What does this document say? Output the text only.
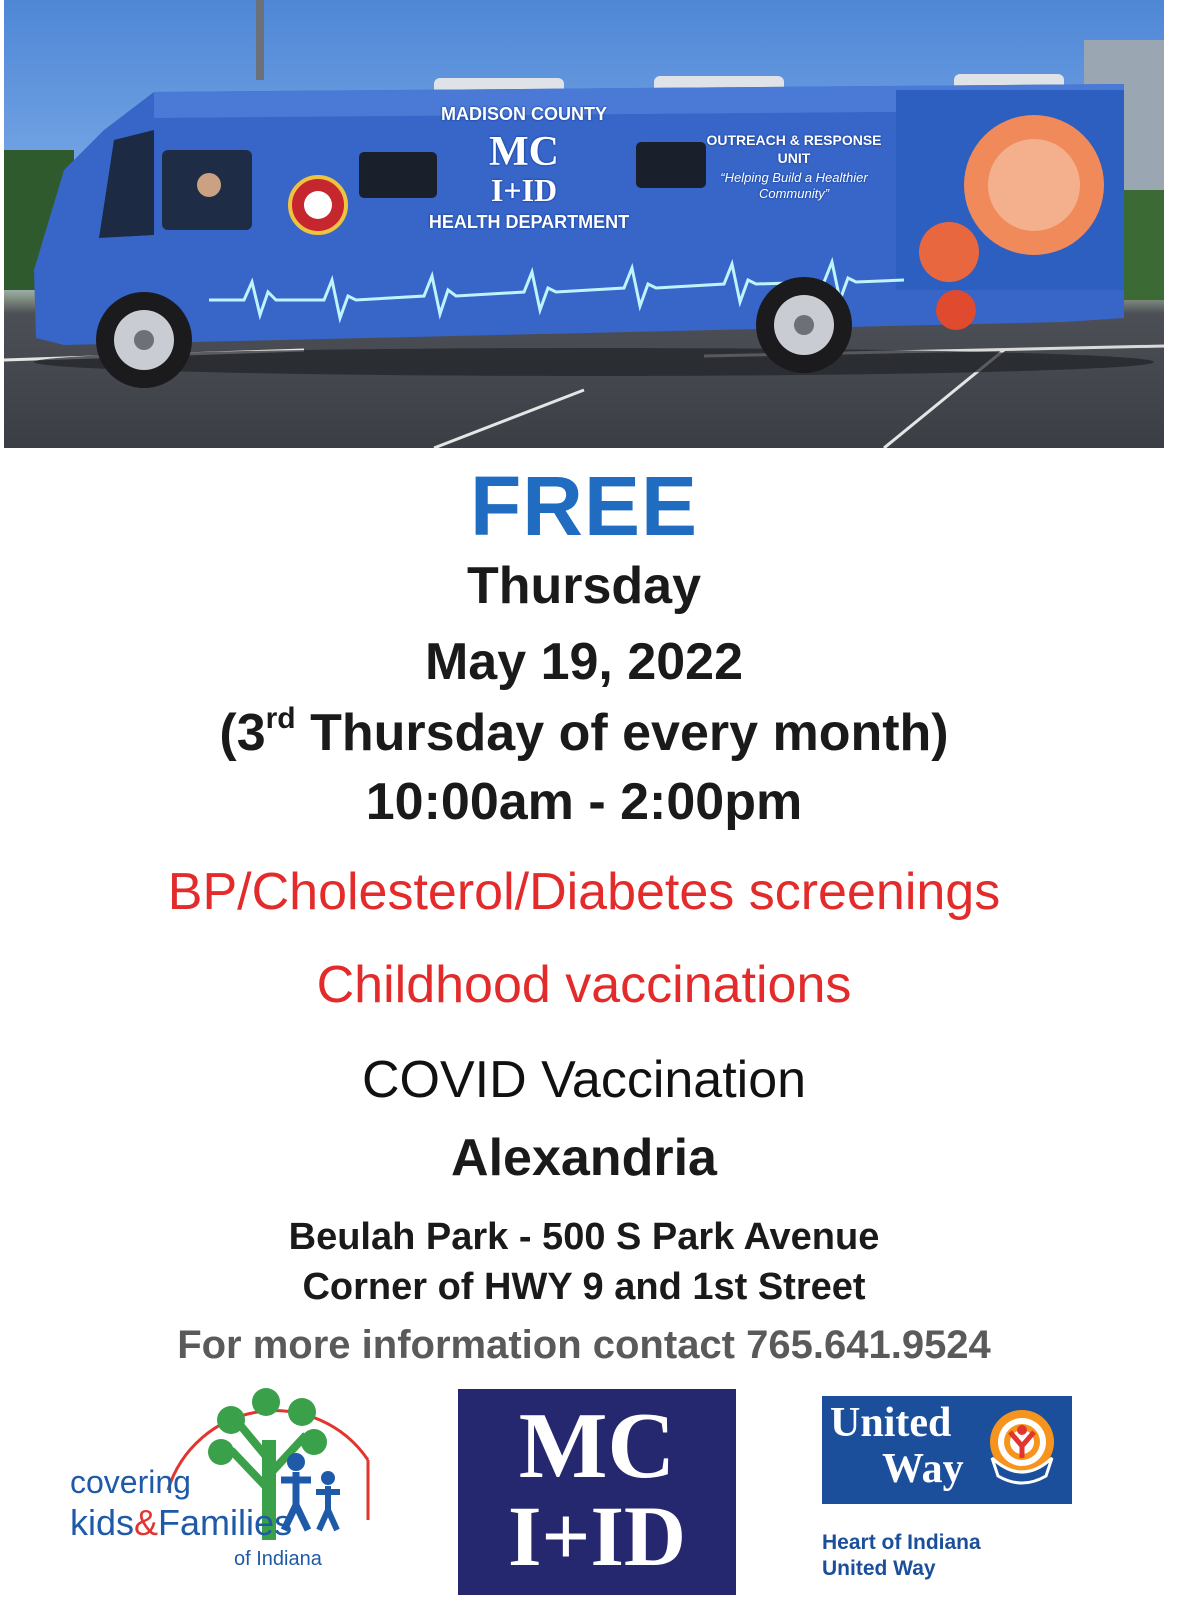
MADISON COUNTY
MC
I+ID
HEALTH DEPARTMENT
OUTREACH & RESPONSE
UNIT
“Helping Build a Healthier
Community”
FREE
Thursday
May 19, 2022
(3rd Thursday of every month)
10:00am - 2:00pm
BP/Cholesterol/Diabetes screenings
Childhood vaccinations
COVID Vaccination
Alexandria
Beulah Park - 500 S Park Avenue
Corner of HWY 9 and 1st Street
For more information contact 765.641.9524
covering
kids&Families
of Indiana
MC
I+ID
United
Way
Heart of Indiana
United Way
